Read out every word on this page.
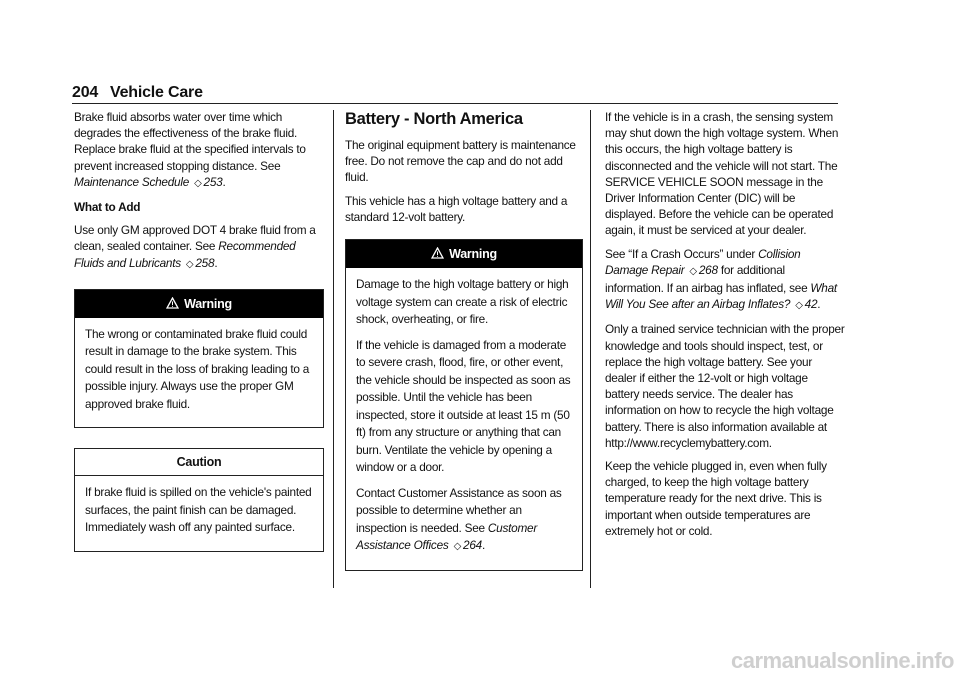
204 Vehicle Care

Brake fluid absorbs water over time which degrades the effectiveness of the brake fluid. Replace brake fluid at the specified intervals to prevent increased stopping distance. See Maintenance Schedule ◇ 253.

What to Add

Use only GM approved DOT 4 brake fluid from a clean, sealed container. See Recommended Fluids and Lubricants ◇ 258.

Warning

The wrong or contaminated brake fluid could result in damage to the brake system. This could result in the loss of braking leading to a possible injury. Always use the proper GM approved brake fluid.

Caution

If brake fluid is spilled on the vehicle's painted surfaces, the paint finish can be damaged. Immediately wash off any painted surface.

Battery - North America

The original equipment battery is maintenance free. Do not remove the cap and do not add fluid.

This vehicle has a high voltage battery and a standard 12-volt battery.

Warning

Damage to the high voltage battery or high voltage system can create a risk of electric shock, overheating, or fire.

If the vehicle is damaged from a moderate to severe crash, flood, fire, or other event, the vehicle should be inspected as soon as possible. Until the vehicle has been inspected, store it outside at least 15 m (50 ft) from any structure or anything that can burn. Ventilate the vehicle by opening a window or a door.

Contact Customer Assistance as soon as possible to determine whether an inspection is needed. See Customer Assistance Offices ◇ 264.

If the vehicle is in a crash, the sensing system may shut down the high voltage system. When this occurs, the high voltage battery is disconnected and the vehicle will not start. The SERVICE VEHICLE SOON message in the Driver Information Center (DIC) will be displayed. Before the vehicle can be operated again, it must be serviced at your dealer.

See “If a Crash Occurs” under Collision Damage Repair ◇ 268 for additional information. If an airbag has inflated, see What Will You See after an Airbag Inflates? ◇ 42.

Only a trained service technician with the proper knowledge and tools should inspect, test, or replace the high voltage battery. See your dealer if either the 12-volt or high voltage battery needs service. The dealer has information on how to recycle the high voltage battery. There is also information available at http://www.recyclemybattery.com.

Keep the vehicle plugged in, even when fully charged, to keep the high voltage battery temperature ready for the next drive. This is important when outside temperatures are extremely hot or cold.

carmanualsonline.info
